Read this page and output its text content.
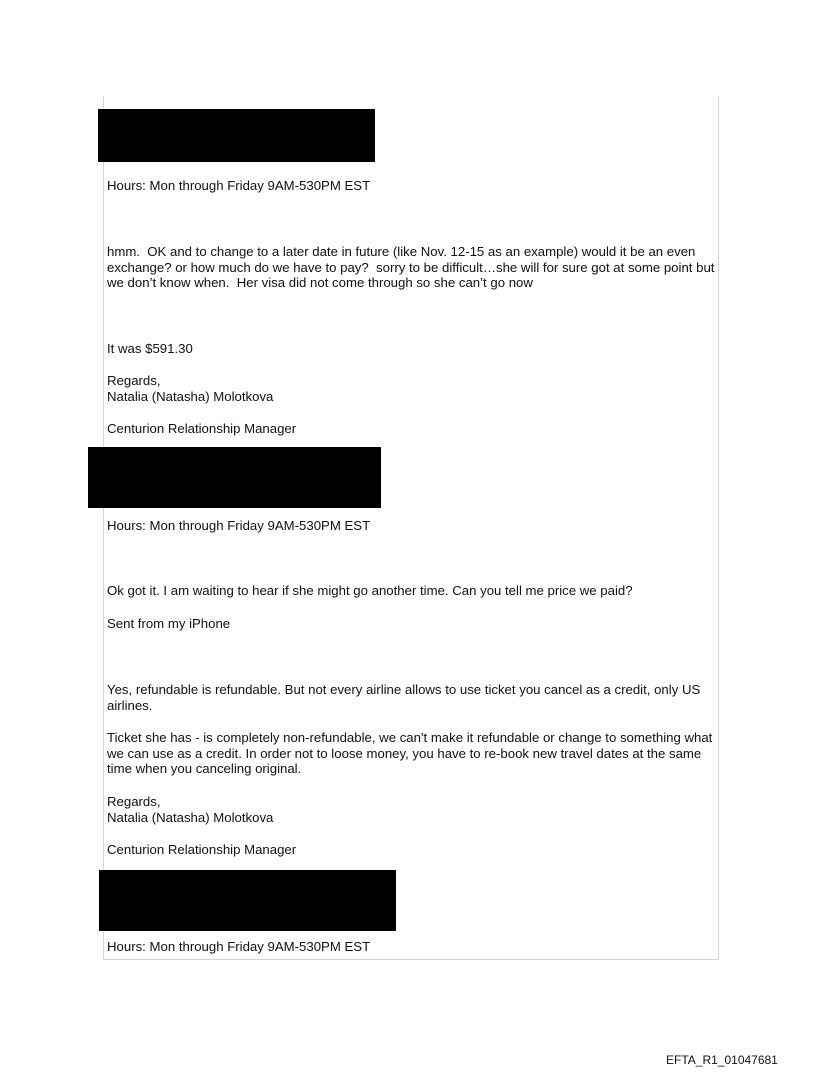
Hours: Mon through Friday 9AM-530PM EST

hmm.  OK and to change to a later date in future (like Nov. 12-15 as an example) would it be an even exchange? or how much do we have to pay?  sorry to be difficult…she will for sure got at some point but we don’t know when.  Her visa did not come through so she can’t go now

It was $591.30

Regards,

Natalia (Natasha) Molotkova

Centurion Relationship Manager

Hours: Mon through Friday 9AM-530PM EST

Ok got it. I am waiting to hear if she might go another time. Can you tell me price we paid?

Sent from my iPhone

Yes, refundable is refundable. But not every airline allows to use ticket you cancel as a credit, only US airlines.

Ticket she has - is completely non-refundable, we can't make it refundable or change to something what we can use as a credit. In order not to loose money, you have to re-book new travel dates at the same time when you canceling original.

Regards,

Natalia (Natasha) Molotkova

Centurion Relationship Manager

Hours: Mon through Friday 9AM-530PM EST

EFTA_R1_01047681
